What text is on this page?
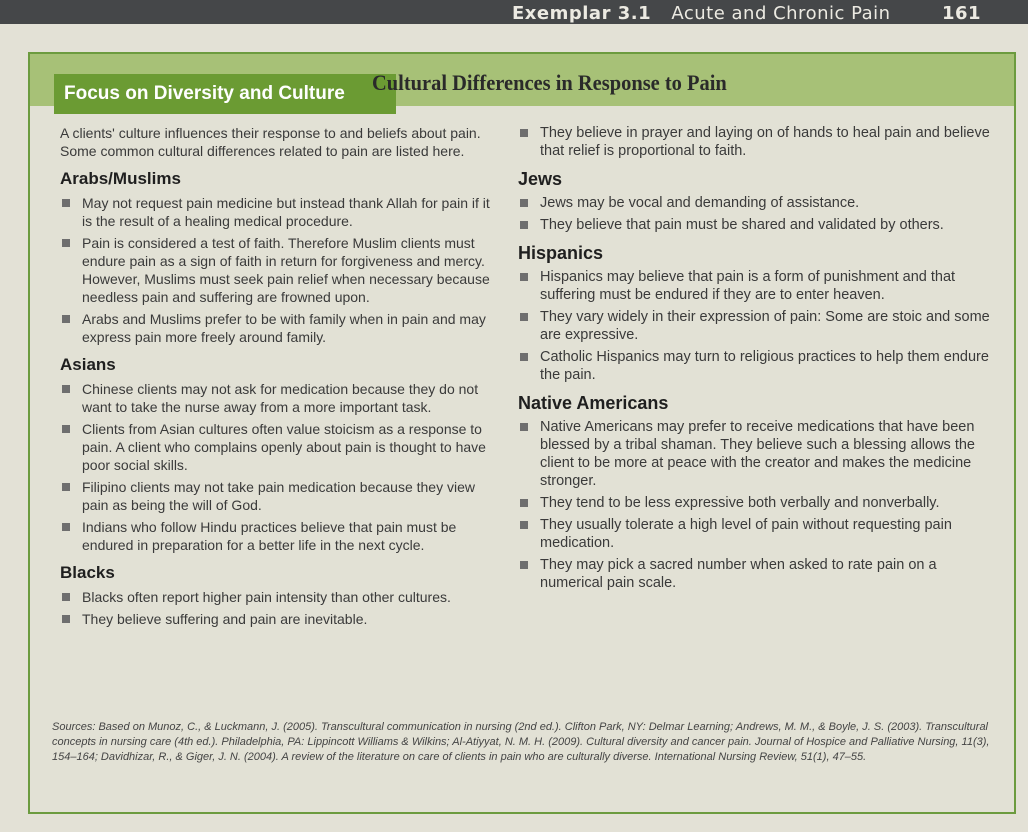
Exemplar 3.1 Acute and Chronic Pain	161
Focus on Diversity and Culture	Cultural Differences in Response to Pain

A clients' culture influences their response to and beliefs about pain. Some common cultural differences related to pain are listed here.

Arabs/Muslims
May not request pain medicine but instead thank Allah for pain if it is the result of a healing medical procedure.
Pain is considered a test of faith. Therefore Muslim clients must endure pain as a sign of faith in return for forgiveness and mercy. However, Muslims must seek pain relief when necessary because needless pain and suffering are frowned upon.
Arabs and Muslims prefer to be with family when in pain and may express pain more freely around family.
Asians
Chinese clients may not ask for medication because they do not want to take the nurse away from a more important task.
Clients from Asian cultures often value stoicism as a response to pain. A client who complains openly about pain is thought to have poor social skills.
Filipino clients may not take pain medication because they view pain as being the will of God.
Indians who follow Hindu practices believe that pain must be endured in preparation for a better life in the next cycle.
Blacks
Blacks often report higher pain intensity than other cultures.
They believe suffering and pain are inevitable.
They believe in prayer and laying on of hands to heal pain and believe that relief is proportional to faith.
Jews
Jews may be vocal and demanding of assistance.
They believe that pain must be shared and validated by others.
Hispanics
Hispanics may believe that pain is a form of punishment and that suffering must be endured if they are to enter heaven.
They vary widely in their expression of pain: Some are stoic and some are expressive.
Catholic Hispanics may turn to religious practices to help them endure the pain.
Native Americans
Native Americans may prefer to receive medications that have been blessed by a tribal shaman. They believe such a blessing allows the client to be more at peace with the creator and makes the medicine stronger.
They tend to be less expressive both verbally and nonverbally.
They usually tolerate a high level of pain without requesting pain medication.
They may pick a sacred number when asked to rate pain on a numerical pain scale.

Sources: Based on Munoz, C., & Luckmann, J. (2005). Transcultural communication in nursing (2nd ed.). Clifton Park, NY: Delmar Learning; Andrews, M. M., & Boyle, J. S. (2003). Transcultural concepts in nursing care (4th ed.). Philadelphia, PA: Lippincott Williams & Wilkins; Al-Atiyyat, N. M. H. (2009). Cultural diversity and cancer pain. Journal of Hospice and Palliative Nursing, 11(3), 154–164; Davidhizar, R., & Giger, J. N. (2004). A review of the literature on care of clients in pain who are culturally diverse. International Nursing Review, 51(1), 47–55.
